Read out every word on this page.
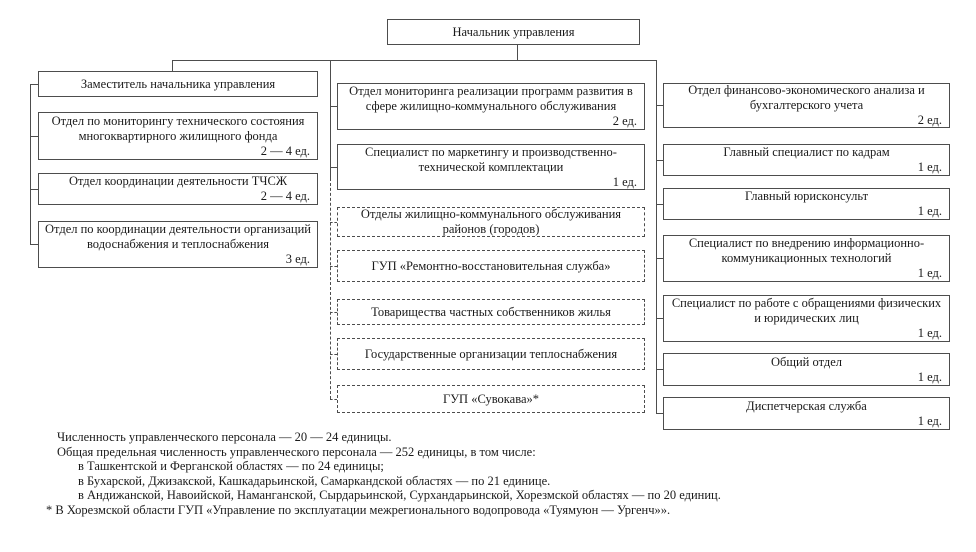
Начальник управления
Заместитель начальника управления
Отдел по мониторингу технического состояния многоквартирного жилищного фонда
2 — 4 ед.
Отдел координации деятельности ТЧСЖ
2 — 4 ед.
Отдел по координации деятельности организаций водоснабжения и теплоснабжения
3 ед.
Отдел мониторинга реализации программ развития в сфере жилищно-коммунального обслуживания
2 ед.
Специалист по маркетингу и производственно-технической комплектации
1 ед.
Отделы жилищно-коммунального обслуживания районов (городов)
ГУП «Ремонтно-восстановительная служба»
Товарищества частных собственников жилья
Государственные организации теплоснабжения
ГУП «Сувокава»*
Отдел финансово-экономического анализа и бухгалтерского учета
2 ед.
Главный специалист по кадрам
1 ед.
Главный юрисконсульт
1 ед.
Специалист по внедрению информационно-коммуникационных технологий
1 ед.
Специалист по работе с обращениями физических и юридических лиц
1 ед.
Общий отдел
1 ед.
Диспетчерская служба
1 ед.
Численность управленческого персонала — 20 — 24 единицы.
Общая предельная численность управленческого персонала — 252 единицы, в том числе:
в Ташкентской и Ферганской областях — по 24 единицы;
в Бухарской, Джизакской, Кашкадарьинской, Самаркандской областях — по 21 единице.
в Андижанской, Навоийской, Наманганской, Сырдарьинской, Сурхандарьинской, Хорезмской областях — по 20 единиц.
* В Хорезмской области ГУП «Управление по эксплуатации межрегионального водопровода «Туямуюн — Ургенч»».
